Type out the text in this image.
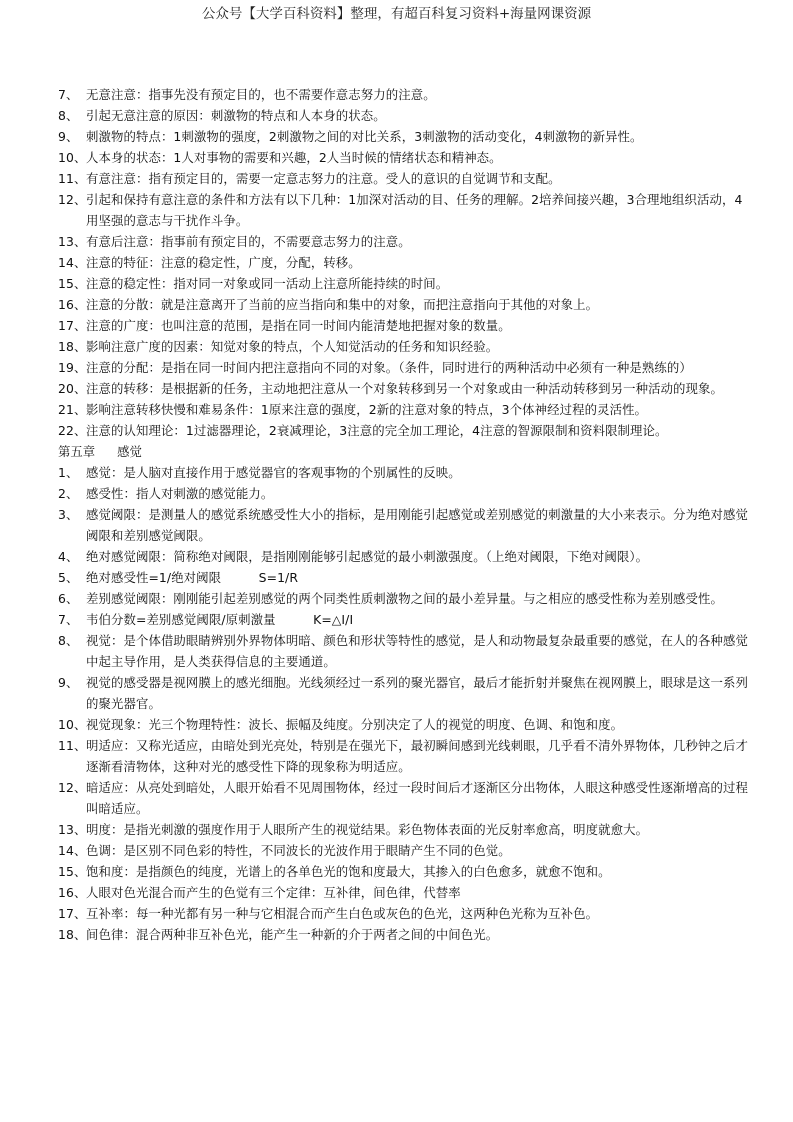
公众号【大学百科资料】整理，有超百科复习资料+海量网课资源
7、 无意注意：指事先没有预定目的，也不需要作意志努力的注意。
8、 引起无意注意的原因：刺激物的特点和人本身的状态。
9、 刺激物的特点：1刺激物的强度，2刺激物之间的对比关系，3刺激物的活动变化，4刺激物的新异性。
10、 人本身的状态：1人对事物的需要和兴趣，2人当时候的情绪状态和精神态。
11、 有意注意：指有预定目的，需要一定意志努力的注意。受人的意识的自觉调节和支配。
12、 引起和保持有意注意的条件和方法有以下几种：1加深对活动的目、任务的理解。2培养间接兴趣，3合理地组织活动，4用坚强的意志与干扰作斗争。
13、 有意后注意：指事前有预定目的，不需要意志努力的注意。
14、 注意的特征：注意的稳定性，广度，分配，转移。
15、 注意的稳定性：指对同一对象或同一活动上注意所能持续的时间。
16、 注意的分散：就是注意离开了当前的应当指向和集中的对象，而把注意指向于其他的对象上。
17、 注意的广度：也叫注意的范围，是指在同一时间内能清楚地把握对象的数量。
18、 影响注意广度的因素：知觉对象的特点，个人知觉活动的任务和知识经验。
19、 注意的分配：是指在同一时间内把注意指向不同的对象。（条件，同时进行的两种活动中必须有一种是熟练的）
20、 注意的转移：是根据新的任务，主动地把注意从一个对象转移到另一个对象或由一种活动转移到另一种活动的现象。
21、 影响注意转移快慢和难易条件：1原来注意的强度，2新的注意对象的特点，3个体神经过程的灵活性。
22、 注意的认知理论：1过滤器理论，2衰减理论，3注意的完全加工理论，4注意的智源限制和资料限制理论。
第五章 感觉
1、 感觉：是人脑对直接作用于感觉器官的客观事物的个别属性的反映。
2、 感受性：指人对刺激的感觉能力。
3、 感觉阈限：是测量人的感觉系统感受性大小的指标，是用刚能引起感觉或差别感觉的刺激量的大小来表示。分为绝对感觉阈限和差别感觉阈限。
4、 绝对感觉阈限：简称绝对阈限，是指刚刚能够引起感觉的最小刺激强度。（上绝对阈限，下绝对阈限）。
5、 绝对感受性=1/绝对阈限　　　S=1/R
6、 差别感觉阈限：刚刚能引起差别感觉的两个同类性质刺激物之间的最小差异量。与之相应的感受性称为差别感受性。
7、 韦伯分数=差别感觉阈限/原刺激量　　　K=△I/I
8、 视觉：是个体借助眼睛辨别外界物体明暗、颜色和形状等特性的感觉，是人和动物最复杂最重要的感觉，在人的各种感觉中起主导作用，是人类获得信息的主要通道。
9、 视觉的感受器是视网膜上的感光细胞。光线须经过一系列的聚光器官，最后才能折射并聚焦在视网膜上，眼球是这一系列的聚光器官。
10、 视觉现象：光三个物理特性：波长、振幅及纯度。分别决定了人的视觉的明度、色调、和饱和度。
11、 明适应：又称光适应，由暗处到光亮处，特别是在强光下，最初瞬间感到光线刺眼，几乎看不清外界物体，几秒钟之后才逐渐看清物体，这种对光的感受性下降的现象称为明适应。
12、 暗适应：从亮处到暗处，人眼开始看不见周围物体，经过一段时间后才逐渐区分出物体，人眼这种感受性逐渐增高的过程叫暗适应。
13、 明度：是指光刺激的强度作用于人眼所产生的视觉结果。彩色物体表面的光反射率愈高，明度就愈大。
14、 色调：是区别不同色彩的特性，不同波长的光波作用于眼睛产生不同的色觉。
15、 饱和度：是指颜色的纯度，光谱上的各单色光的饱和度最大，其掺入的白色愈多，就愈不饱和。
16、 人眼对色光混合而产生的色觉有三个定律：互补律，间色律，代替率
17、 互补率：每一种光都有另一种与它相混合而产生白色或灰色的色光，这两种色光称为互补色。
18、 间色律：混合两种非互补色光，能产生一种新的介于两者之间的中间色光。
